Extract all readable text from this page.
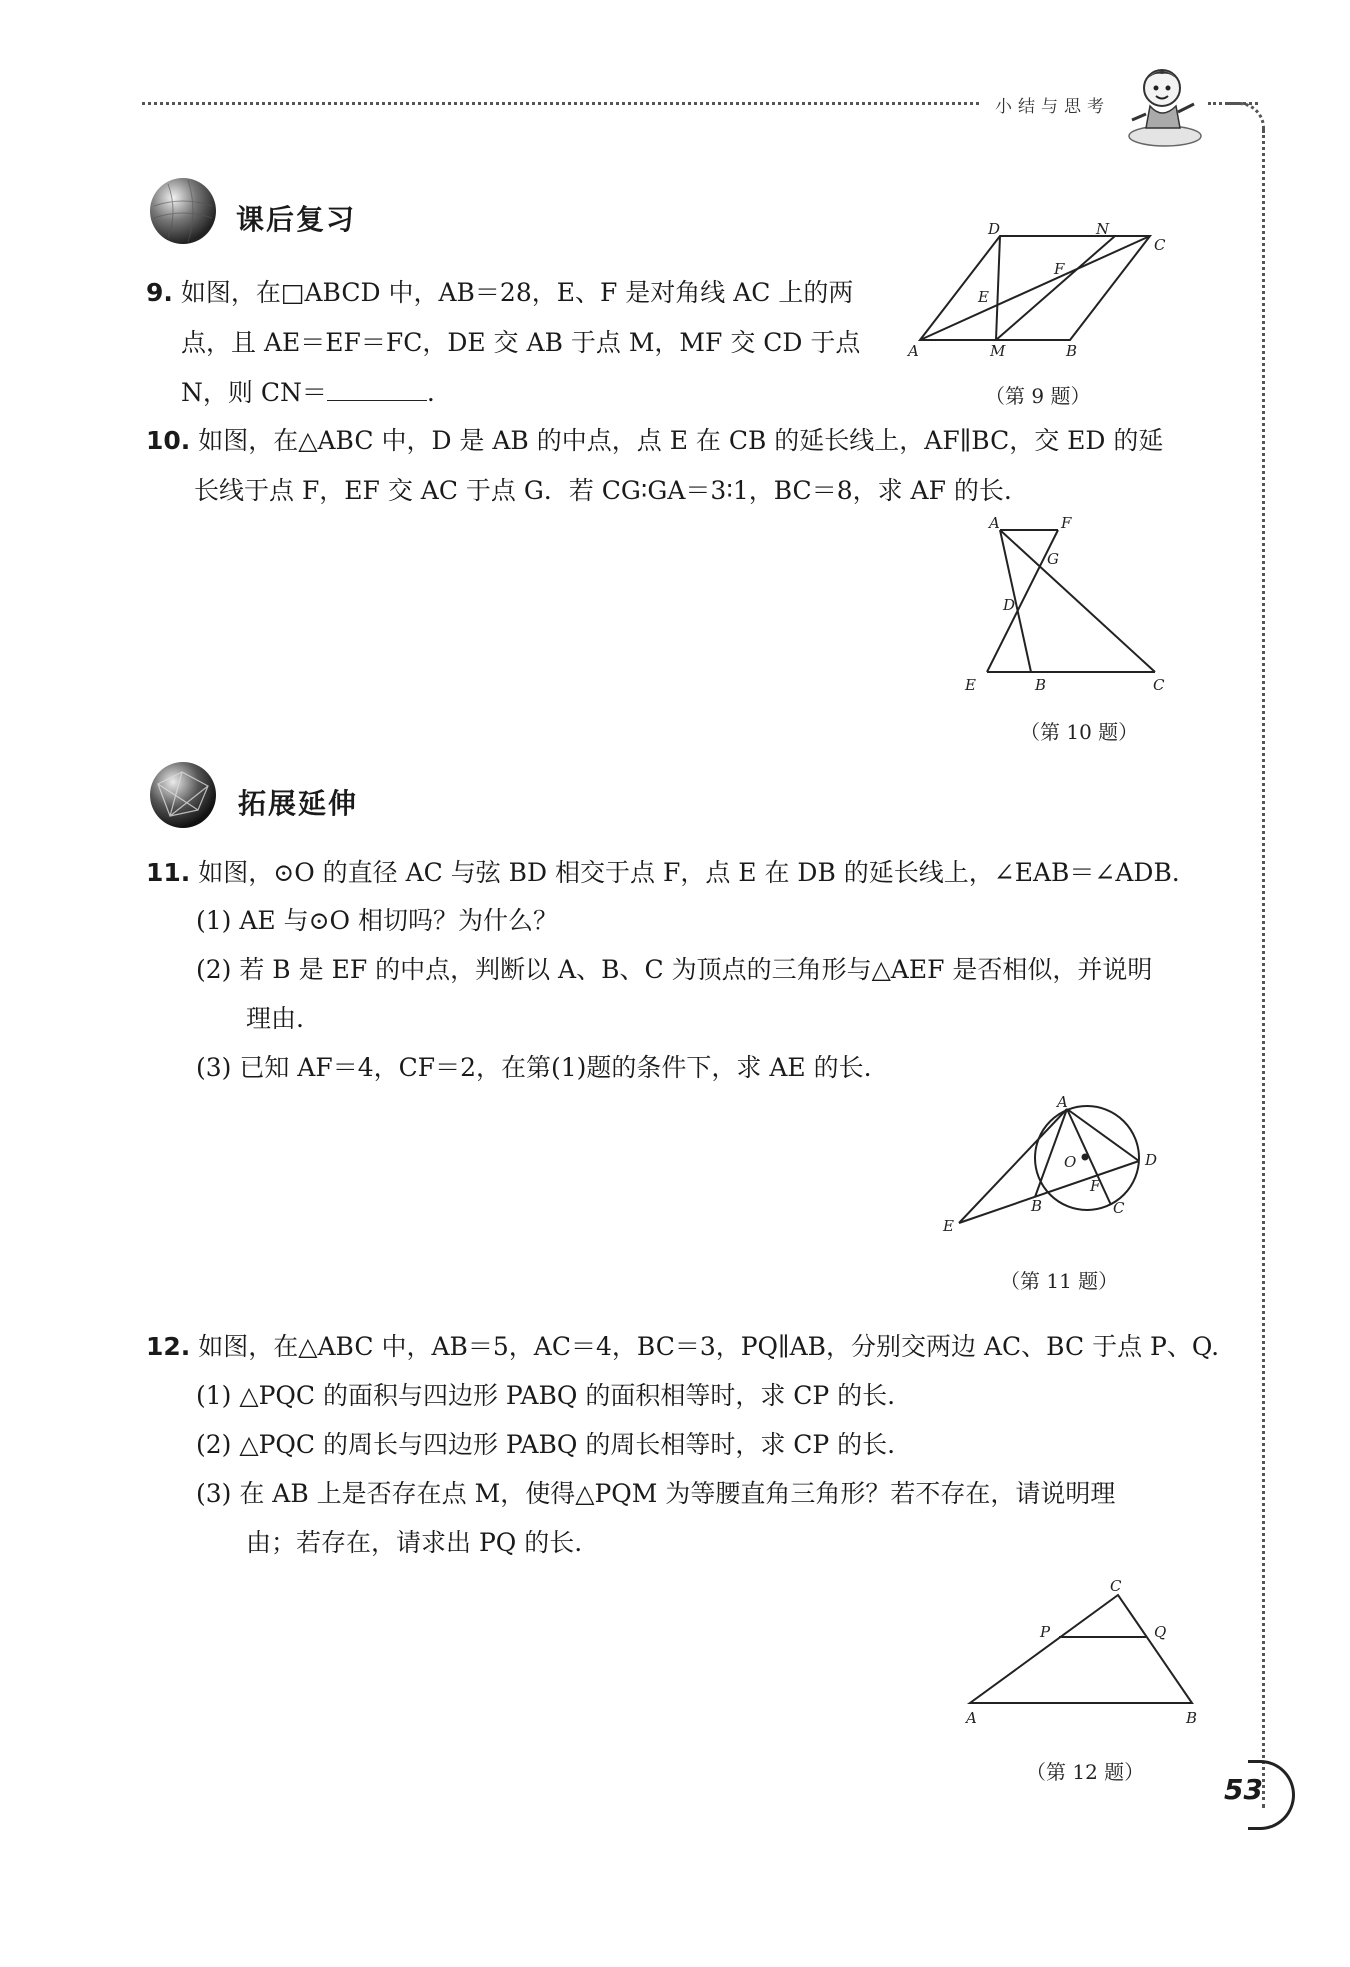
小结与思考
课后复习
9. 如图，在□ABCD 中，AB＝28，E、F 是对角线 AC 上的两
点，且 AE＝EF＝FC，DE 交 AB 于点 M，MF 交 CD 于点
N，则 CN＝	.
D	N
C
F
E
A	M	B
（第 9 题）
10. 如图，在△ABC 中，D 是 AB 的中点，点 E 在 CB 的延长线上，AF∥BC，交 ED 的延
长线于点 F，EF 交 AC 于点 G．若 CG∶GA＝3∶1，BC＝8，求 AF 的长.
A	F
G
D
E	B	C
（第 10 题）
拓展延伸
11. 如图，⊙O 的直径 AC 与弦 BD 相交于点 F，点 E 在 DB 的延长线上，∠EAB＝∠ADB.
(1) AE 与⊙O 相切吗？为什么？
(2) 若 B 是 EF 的中点，判断以 A、B、C 为顶点的三角形与△AEF 是否相似，并说明
理由.
(3) 已知 AF＝4，CF＝2，在第(1)题的条件下，求 AE 的长.
A
O	D
F
B	C
E
（第 11 题）
12. 如图，在△ABC 中，AB＝5，AC＝4，BC＝3，PQ∥AB，分别交两边 AC、BC 于点 P、Q.
(1) △PQC 的面积与四边形 PABQ 的面积相等时，求 CP 的长.
(2) △PQC 的周长与四边形 PABQ 的周长相等时，求 CP 的长.
(3) 在 AB 上是否存在点 M，使得△PQM 为等腰直角三角形？若不存在，请说明理
由；若存在，请求出 PQ 的长.
C
P	Q
A	B
（第 12 题）
53
